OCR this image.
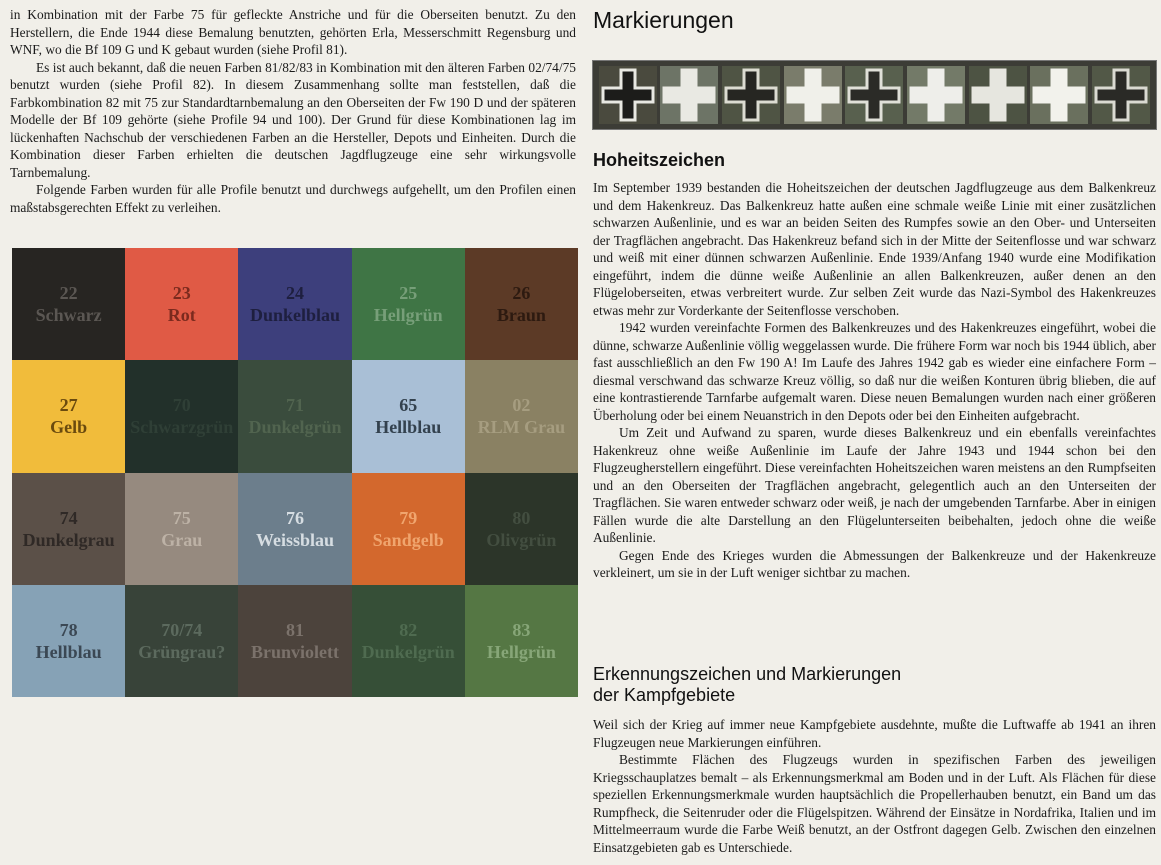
in Kombination mit der Farbe 75 für gefleckte Anstriche und für die Oberseiten benutzt. Zu den Herstellern, die Ende 1944 diese Bemalung benutzten, gehörten Erla, Messerschmitt Regensburg und WNF, wo die Bf 109 G und K gebaut wurden (siehe Profil 81).

Es ist auch bekannt, daß die neuen Farben 81/82/83 in Kombination mit den älteren Farben 02/74/75 benutzt wurden (siehe Profil 82). In diesem Zusammenhang sollte man feststellen, daß die Farbkombination 82 mit 75 zur Standardtarnbemalung an den Oberseiten der Fw 190 D und der späteren Modelle der Bf 109 gehörte (siehe Profile 94 und 100). Der Grund für diese Kombinationen lag im lückenhaften Nachschub der verschiedenen Farben an die Hersteller, Depots und Einheiten. Durch die Kombination dieser Farben erhielten die deutschen Jagdflugzeuge eine sehr wirkungsvolle Tarnbemalung.

Folgende Farben wurden für alle Profile benutzt und durchwegs aufgehellt, um den Profilen einen maßstabsgerechten Effekt zu verleihen.

22
Schwarz
23
Rot
24
Dunkelblau
25
Hellgrün
26
Braun
27
Gelb
70
Schwarzgrün
71
Dunkelgrün
65
Hellblau
02
RLM Grau
74
Dunkelgrau
75
Grau
76
Weissblau
79
Sandgelb
80
Olivgrün
78
Hellblau
70/74
Grüngrau?
81
Brunviolett
82
Dunkelgrün
83
Hellgrün
Markierungen
Hoheitszeichen

Im September 1939 bestanden die Hoheitszeichen der deutschen Jagdflugzeuge aus dem Balkenkreuz und dem Hakenkreuz. Das Balkenkreuz hatte außen eine schmale weiße Linie mit einer zusätzlichen schwarzen Außenlinie, und es war an beiden Seiten des Rumpfes sowie an den Ober- und Unterseiten der Tragflächen angebracht. Das Hakenkreuz befand sich in der Mitte der Seitenflosse und war schwarz und weiß mit einer dünnen schwarzen Außenlinie. Ende 1939/Anfang 1940 wurde eine Modifikation eingeführt, indem die dünne weiße Außenlinie an allen Balkenkreuzen, außer denen an den Flügeloberseiten, etwas verbreitert wurde. Zur selben Zeit wurde das Nazi-Symbol des Hakenkreuzes etwas mehr zur Vorderkante der Seitenflosse verschoben.

1942 wurden vereinfachte Formen des Balkenkreuzes und des Hakenkreuzes eingeführt, wobei die dünne, schwarze Außenlinie völlig weggelassen wurde. Die frühere Form war noch bis 1944 üblich, aber fast ausschließlich an den Fw 190 A! Im Laufe des Jahres 1942 gab es wieder eine einfachere Form – diesmal verschwand das schwarze Kreuz völlig, so daß nur die weißen Konturen übrig blieben, die auf eine kontrastierende Tarnfarbe aufgemalt waren. Diese neuen Bemalungen wurden nach einer größeren Überholung oder bei einem Neuanstrich in den Depots oder bei den Einheiten aufgebracht.

Um Zeit und Aufwand zu sparen, wurde dieses Balkenkreuz und ein ebenfalls vereinfachtes Hakenkreuz ohne weiße Außenlinie im Laufe der Jahre 1943 und 1944 schon bei den Flugzeugherstellern eingeführt. Diese vereinfachten Hoheitszeichen waren meistens an den Rumpfseiten und an den Oberseiten der Tragflächen angebracht, gelegentlich auch an den Unterseiten der Tragflächen. Sie waren entweder schwarz oder weiß, je nach der umgebenden Tarnfarbe. Aber in einigen Fällen wurde die alte Darstellung an den Flügelunterseiten beibehalten, jedoch ohne die weiße Außenlinie.

Gegen Ende des Krieges wurden die Abmessungen der Balkenkreuze und der Hakenkreuze verkleinert, um sie in der Luft weniger sichtbar zu machen.

Erkennungszeichen und Markierungen
der Kampfgebiete

Weil sich der Krieg auf immer neue Kampfgebiete ausdehnte, mußte die Luftwaffe ab 1941 an ihren Flugzeugen neue Markierungen einführen.

Bestimmte Flächen des Flugzeugs wurden in spezifischen Farben des jeweiligen Kriegsschauplatzes bemalt – als Erkennungsmerkmal am Boden und in der Luft. Als Flächen für diese speziellen Erkennungsmerkmale wurden hauptsächlich die Propellerhauben benutzt, ein Band um das Rumpfheck, die Seitenruder oder die Flügelspitzen. Während der Einsätze in Nordafrika, Italien und im Mittelmeerraum wurde die Farbe Weiß benutzt, an der Ostfront dagegen Gelb. Zwischen den einzelnen Einsatzgebieten gab es Unterschiede.
